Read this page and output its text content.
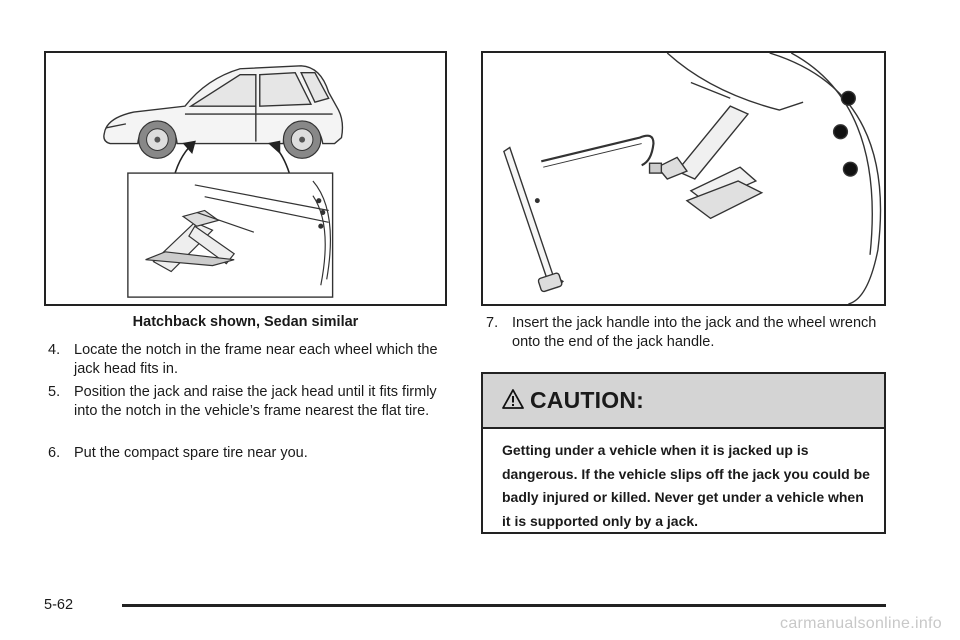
Hatchback shown, Sedan similar
4. Locate the notch in the frame near each wheel which the jack head fits in.
5. Position the jack and raise the jack head until it fits firmly into the notch in the vehicle’s frame nearest the flat tire.
6. Put the compact spare tire near you.
7. Insert the jack handle into the jack and the wheel wrench onto the end of the jack handle.
CAUTION:
Getting under a vehicle when it is jacked up is dangerous. If the vehicle slips off the jack you could be badly injured or killed. Never get under a vehicle when it is supported only by a jack.
5-62
carmanualsonline.info
